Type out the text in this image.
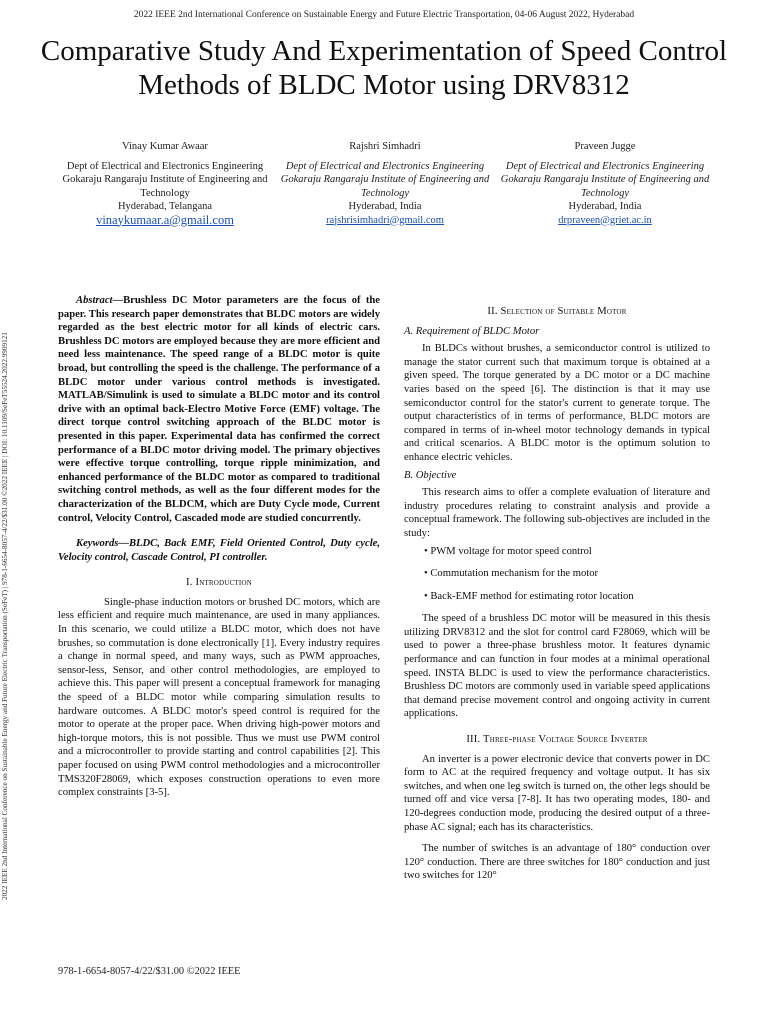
2022 IEEE 2nd International Conference on Sustainable Energy and Future Electric Transportation, 04-06 August 2022, Hyderabad
2022 IEEE 2nd International Conference on Sustainable Energy and Future Electric Transportation (SeFeT) | 978-1-6654-8057-4/22/$31.00 ©2022 IEEE | DOI: 10.1109/SeFeT55524.2022.9909121
Comparative Study And Experimentation of Speed Control Methods of BLDC Motor using DRV8312
Vinay Kumar Awaar
Dept of Electrical and Electronics Engineering
Gokaraju Rangaraju Institute of Engineering and Technology
Hyderabad, Telangana
vinaykumaar.a@gmail.com
Rajshri Simhadri
Dept of Electrical and Electronics Engineering
Gokaraju Rangaraju Institute of Engineering and Technology
Hyderabad, India
rajshrisimhadri@gmail.com
Praveen Jugge
Dept of Electrical and Electronics Engineering
Gokaraju Rangaraju Institute of Engineering and Technology
Hyderabad, India
drpraveen@griet.ac.in

Abstract—Brushless DC Motor parameters are the focus of the paper. This research paper demonstrates that BLDC motors are widely regarded as the best electric motor for all kinds of electric cars. Brushless DC motors are employed because they are more efficient and need less maintenance. The speed range of a BLDC motor is quite broad, but controlling the speed is the challenge. The performance of a BLDC motor under various control methods is investigated. MATLAB/Simulink is used to simulate a BLDC motor and its control drive with an optimal back-Electro Motive Force (EMF) voltage. The direct torque control switching approach of the BLDC motor is presented in this paper. Experimental data has confirmed the correct performance of a BLDC motor driving model. The primary objectives were effective torque controlling, torque ripple minimization, and enhanced performance of the BLDC motor as compared to traditional switching control methods, as well as the four different modes for the characterization of the BLDCM, which are Duty Cycle mode, Current control, Velocity Control, Cascaded mode are studied concurrently.

Keywords—BLDC, Back EMF, Field Oriented Control, Duty cycle, Velocity control, Cascade Control, PI controller.

I. Introduction

Single-phase induction motors or brushed DC motors, which are less efficient and require much maintenance, are used in many appliances. In this scenario, we could utilize a BLDC motor, which does not have brushes, so commutation is done electronically [1]. Every industry requires a change in normal speed, and many ways, such as PWM approaches, sensor-less, Sensor, and other control methodologies, are employed to achieve this. This paper will present a conceptual framework for managing the speed of a BLDC motor while comparing simulation results to hardware outcomes. A BLDC motor's speed control is required for the motor to operate at the proper pace. When driving high-power motors and high-torque motors, this is not possible. Thus we must use PWM control and a microcontroller to provide starting and control capabilities [2]. This paper focused on using PWM control methodologies and a microcontroller TMS320F28069, which exposes construction operations to even more complex constraints [3-5].

II. Selection of Suitable Motor
A. Requirement of BLDC Motor

In BLDCs without brushes, a semiconductor control is utilized to manage the stator current such that maximum torque is obtained at a given speed. The torque generated by a DC motor or a DC machine varies based on the speed [6]. The distinction is that it may use semiconductor control for the stator's current to generate torque. The output characteristics of in terms of performance, BLDC motors are compared in terms of in-wheel motor technology demands in typical and critical scenarios. A BLDC motor is the optimum solution to enhance electric vehicles.

B. Objective

This research aims to offer a complete evaluation of literature and industry procedures relating to constraint analysis and provide a conceptual framework. The following sub-objectives are included in the study:

• PWM voltage for motor speed control
• Commutation mechanism for the motor
• Back-EMF method for estimating rotor location

The speed of a brushless DC motor will be measured in this thesis utilizing DRV8312 and the slot for control card F28069, which will be used to power a three-phase brushless motor. It features dynamic performance and can function in four modes at a minimal operational speed. INSTA BLDC is used to view the performance characteristics. Brushless DC motors are commonly used in variable speed applications that demand precise movement control and ongoing activity in current applications.

III. Three-phase Voltage Source Inverter

An inverter is a power electronic device that converts power in DC form to AC at the required frequency and voltage output. It has six switches, and when one leg switch is turned on, the other legs should be turned off and vice versa [7-8]. It has two operating modes, 180- and 120-degrees conduction mode, producing the desired output of a three-phase AC signal; each has its characteristics.

The number of switches is an advantage of 180° conduction over 120° conduction. There are three switches for 180° conduction and just two switches for 120°

978-1-6654-8057-4/22/$31.00 ©2022 IEEE
